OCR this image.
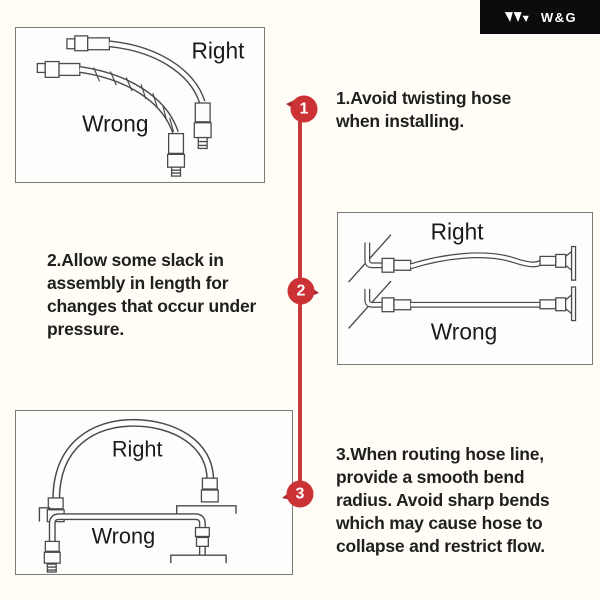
W&G
1
2
3
1.Avoid twisting hose
when installing.
2.Allow some slack in
assembly in length for
changes that occur under
pressure.
3.When routing hose line,
provide a smooth bend
radius. Avoid sharp bends
which may cause hose to
collapse and restrict flow.
Right
Wrong
Right
Wrong
Right
Wrong
